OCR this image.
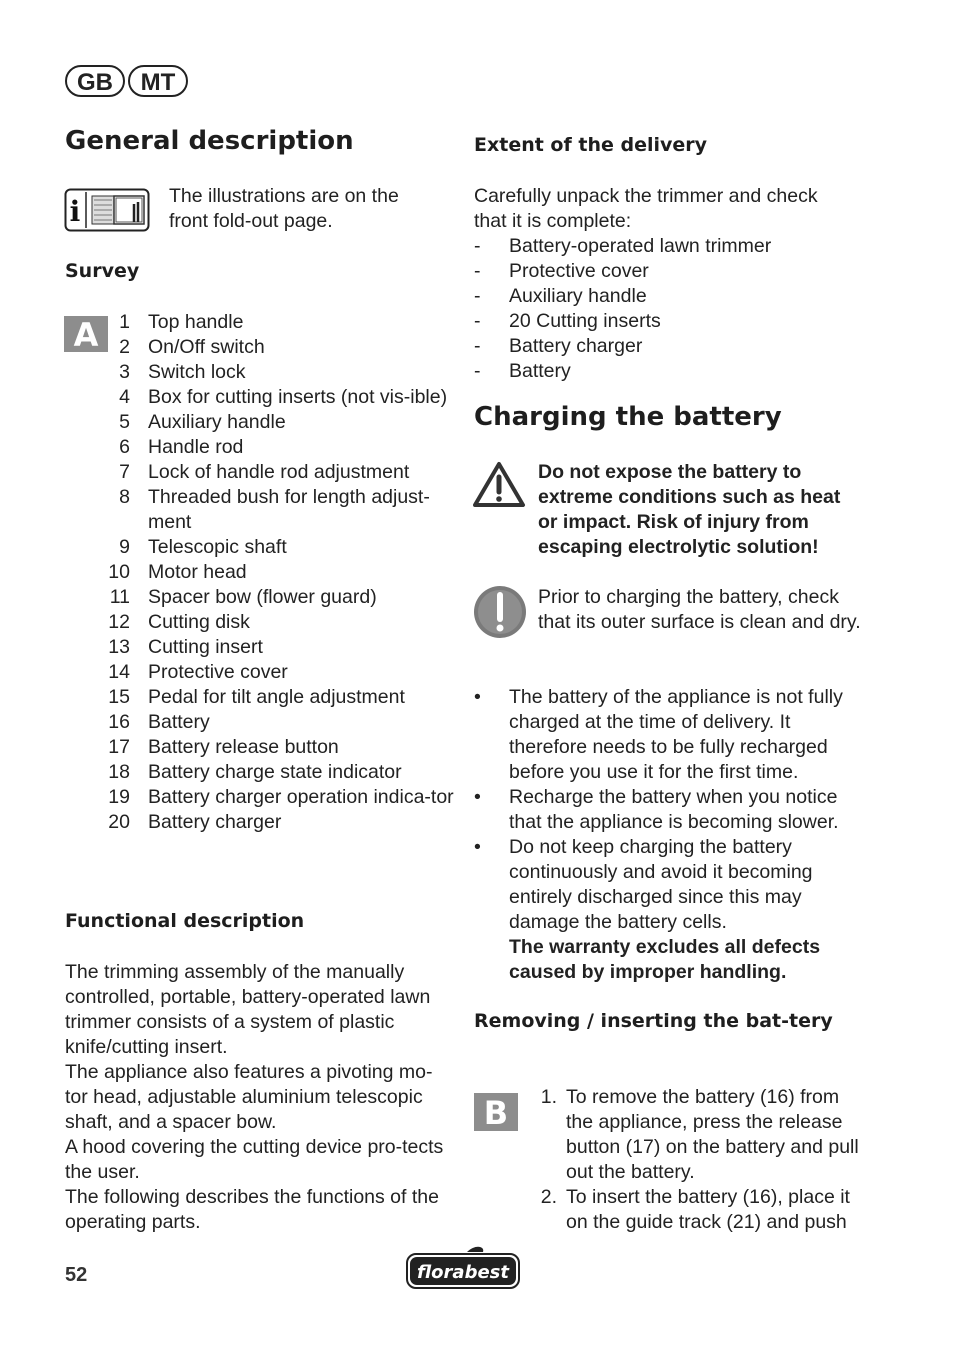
GB	MT
General description
i	The illustrations are on the front fold-out page.
Survey
A	1 Top handle
2 On/Off switch
3 Switch lock
4 Box for cutting inserts (not vis-ible)
5 Auxiliary handle
6 Handle rod
7 Lock of handle rod adjustment
8 Threaded bush for length adjust-ment
9 Telescopic shaft
10 Motor head
11 Spacer bow (flower guard)
12 Cutting disk
13 Cutting insert
14 Protective cover
15 Pedal for tilt angle adjustment
16 Battery
17 Battery release button
18 Battery charge state indicator
19 Battery charger operation indica-tor
20 Battery charger
Functional description
The trimming assembly of the manually controlled, portable, battery-operated lawn trimmer consists of a system of plastic knife/cutting insert.
The appliance also features a pivoting mo-tor head, adjustable aluminium telescopic shaft, and a spacer bow.
A hood covering the cutting device pro-tects the user.
The following describes the functions of the operating parts.
Extent of the delivery
Carefully unpack the trimmer and check that it is complete:
-	Battery-operated lawn trimmer
-	Protective cover
-	Auxiliary handle
-	20 Cutting inserts
-	Battery charger
-	Battery
Charging the battery
Do not expose the battery to extreme conditions such as heat or impact. Risk of injury from escaping electrolytic solution!
Prior to charging the battery, check that its outer surface is clean and dry.
•	The battery of the appliance is not fully charged at the time of delivery. It therefore needs to be fully recharged before you use it for the first time.
•	Recharge the battery when you notice that the appliance is becoming slower.
•	Do not keep charging the battery continuously and avoid it becoming entirely discharged since this may damage the battery cells.
The warranty excludes all defects caused by improper handling.
Removing / inserting the bat-tery
B	1. To remove the battery (16) from the appliance, press the release button (17) on the battery and pull out the battery.
2. To insert the battery (16), place it on the guide track (21) and push
52	florabest
